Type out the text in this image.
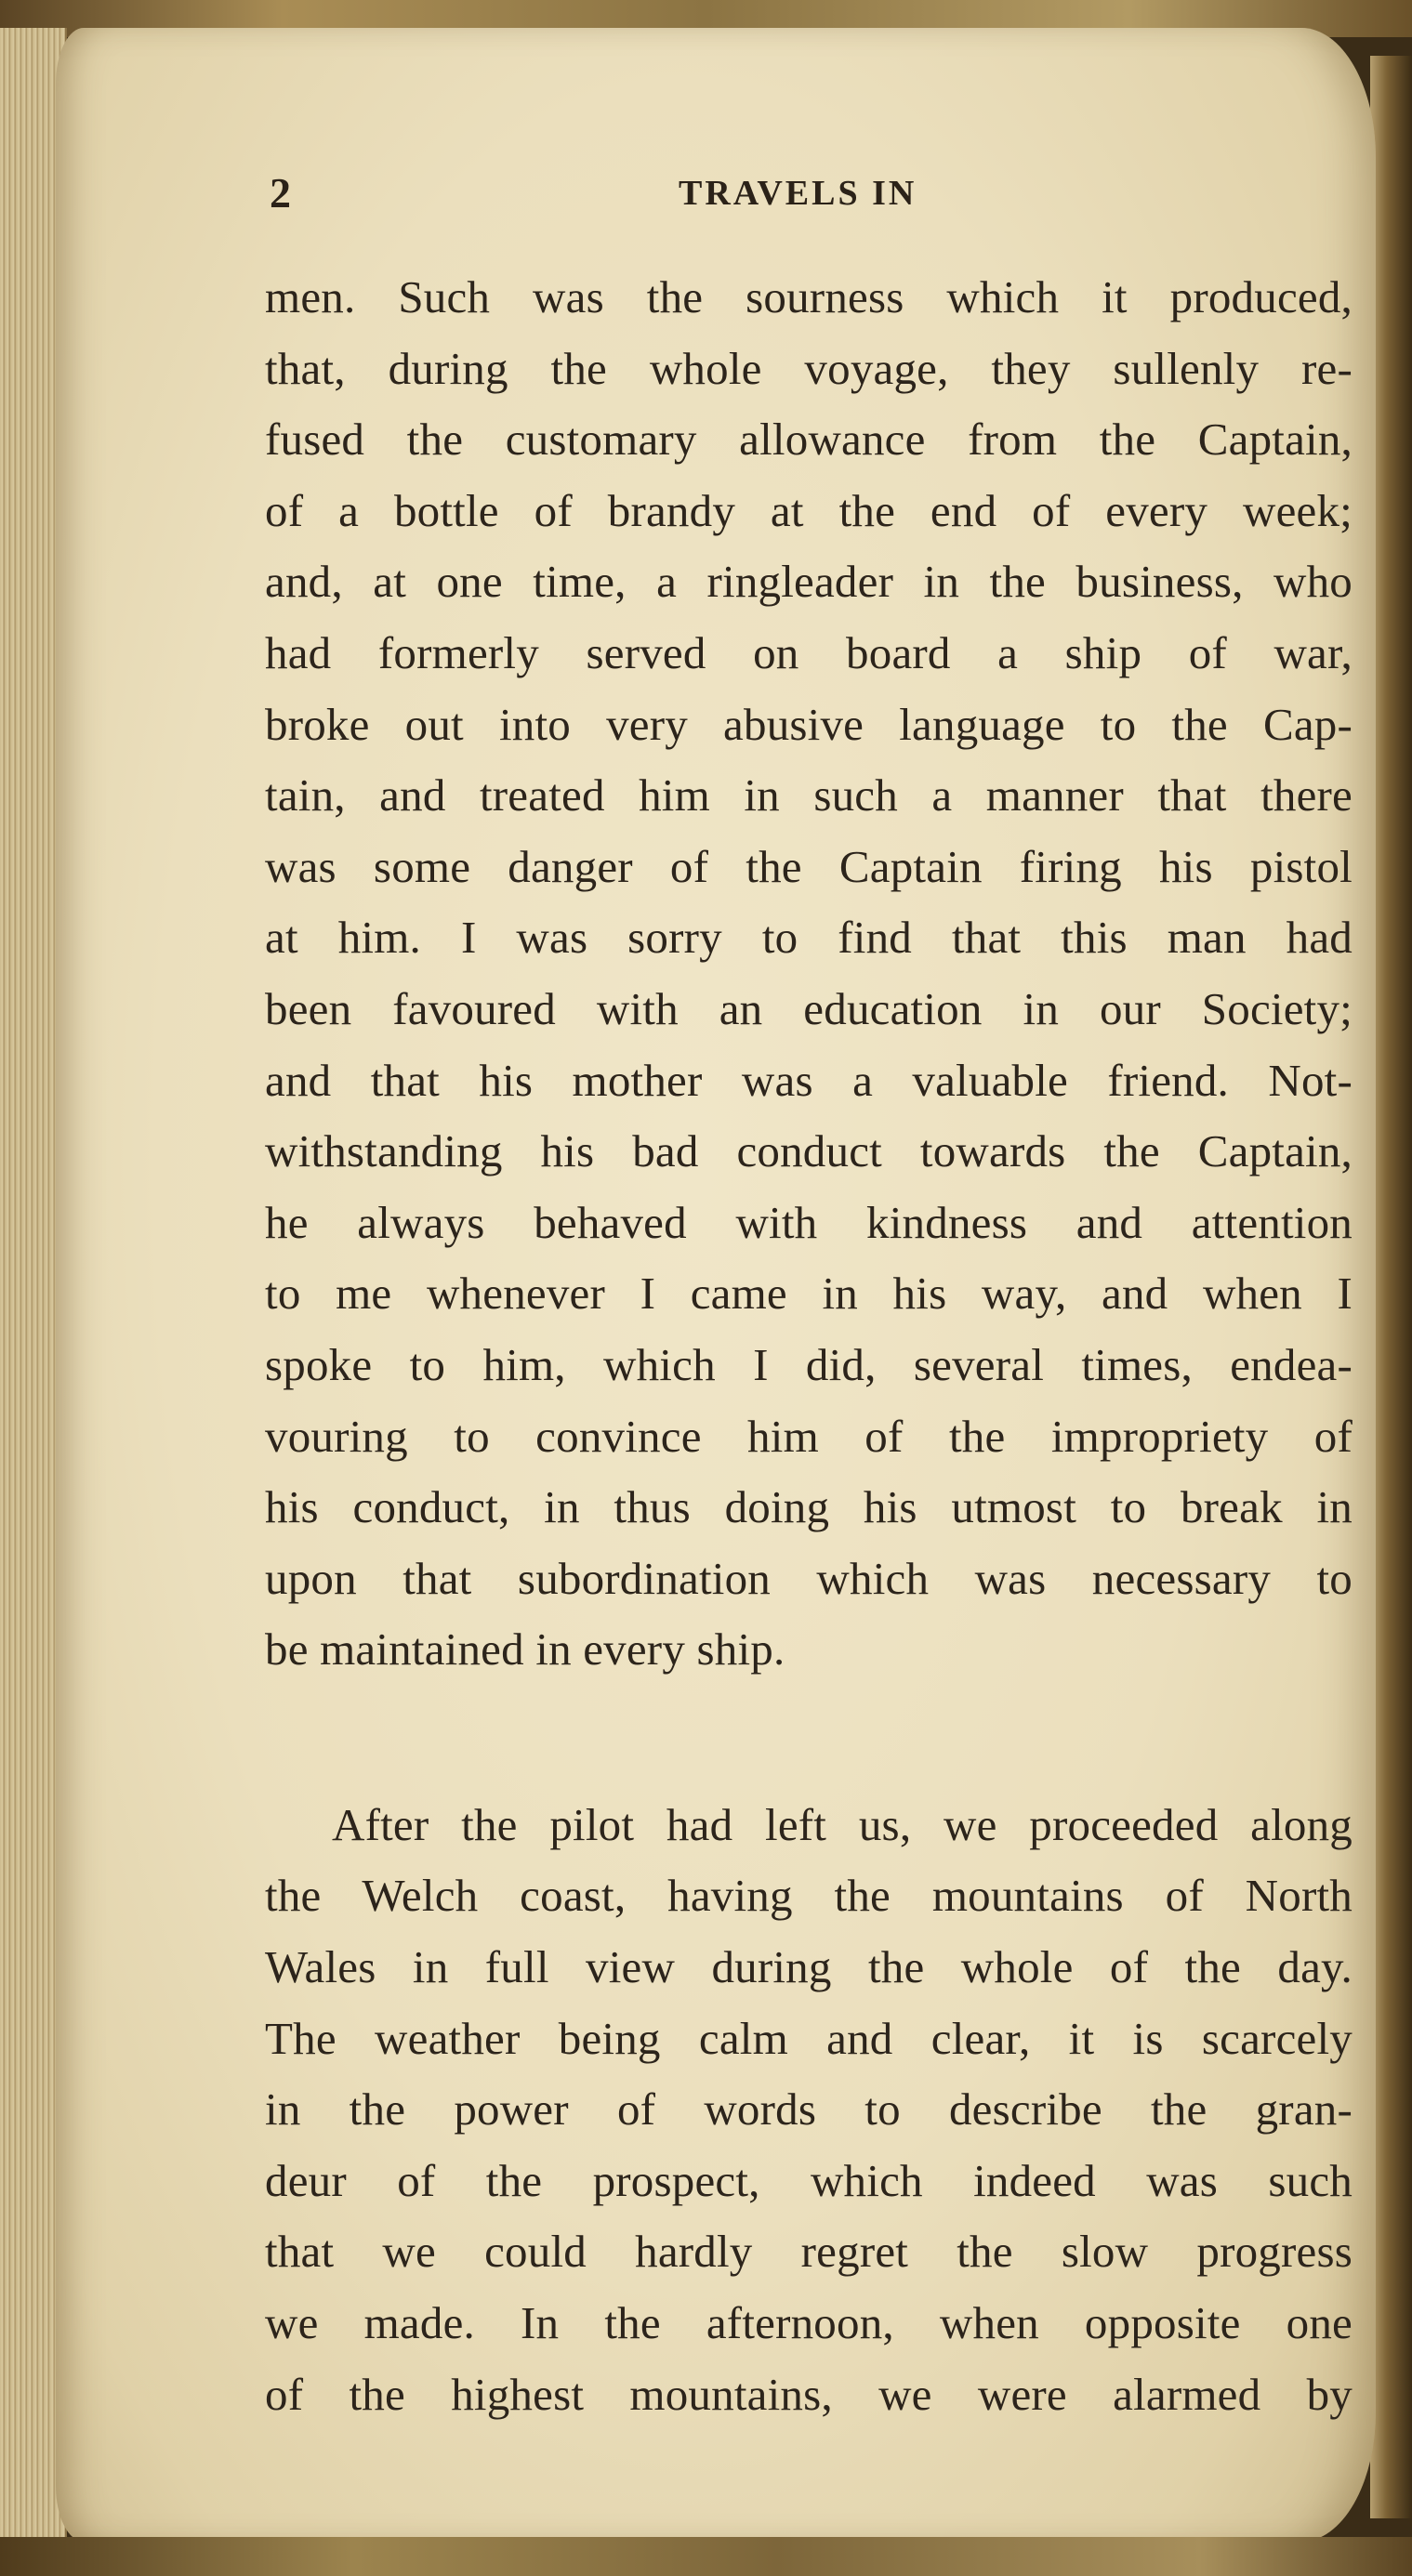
2	TRAVELS IN
men. Such was the sourness which it produced,
that, during the whole voyage, they sullenly re-
fused the customary allowance from the Captain,
of a bottle of brandy at the end of every week;
and, at one time, a ringleader in the business, who
had formerly served on board a ship of war,
broke out into very abusive language to the Cap-
tain, and treated him in such a manner that there
was some danger of the Captain firing his pistol
at him. I was sorry to find that this man had
been favoured with an education in our Society;
and that his mother was a valuable friend. Not-
withstanding his bad conduct towards the Captain,
he always behaved with kindness and attention
to me whenever I came in his way, and when I
spoke to him, which I did, several times, endea-
vouring to convince him of the impropriety of
his conduct, in thus doing his utmost to break in
upon that subordination which was necessary to
be maintained in every ship.
After the pilot had left us, we proceeded along
the Welch coast, having the mountains of North
Wales in full view during the whole of the day.
The weather being calm and clear, it is scarcely
in the power of words to describe the gran-
deur of the prospect, which indeed was such
that we could hardly regret the slow progress
we made. In the afternoon, when opposite one
of the highest mountains, we were alarmed by
